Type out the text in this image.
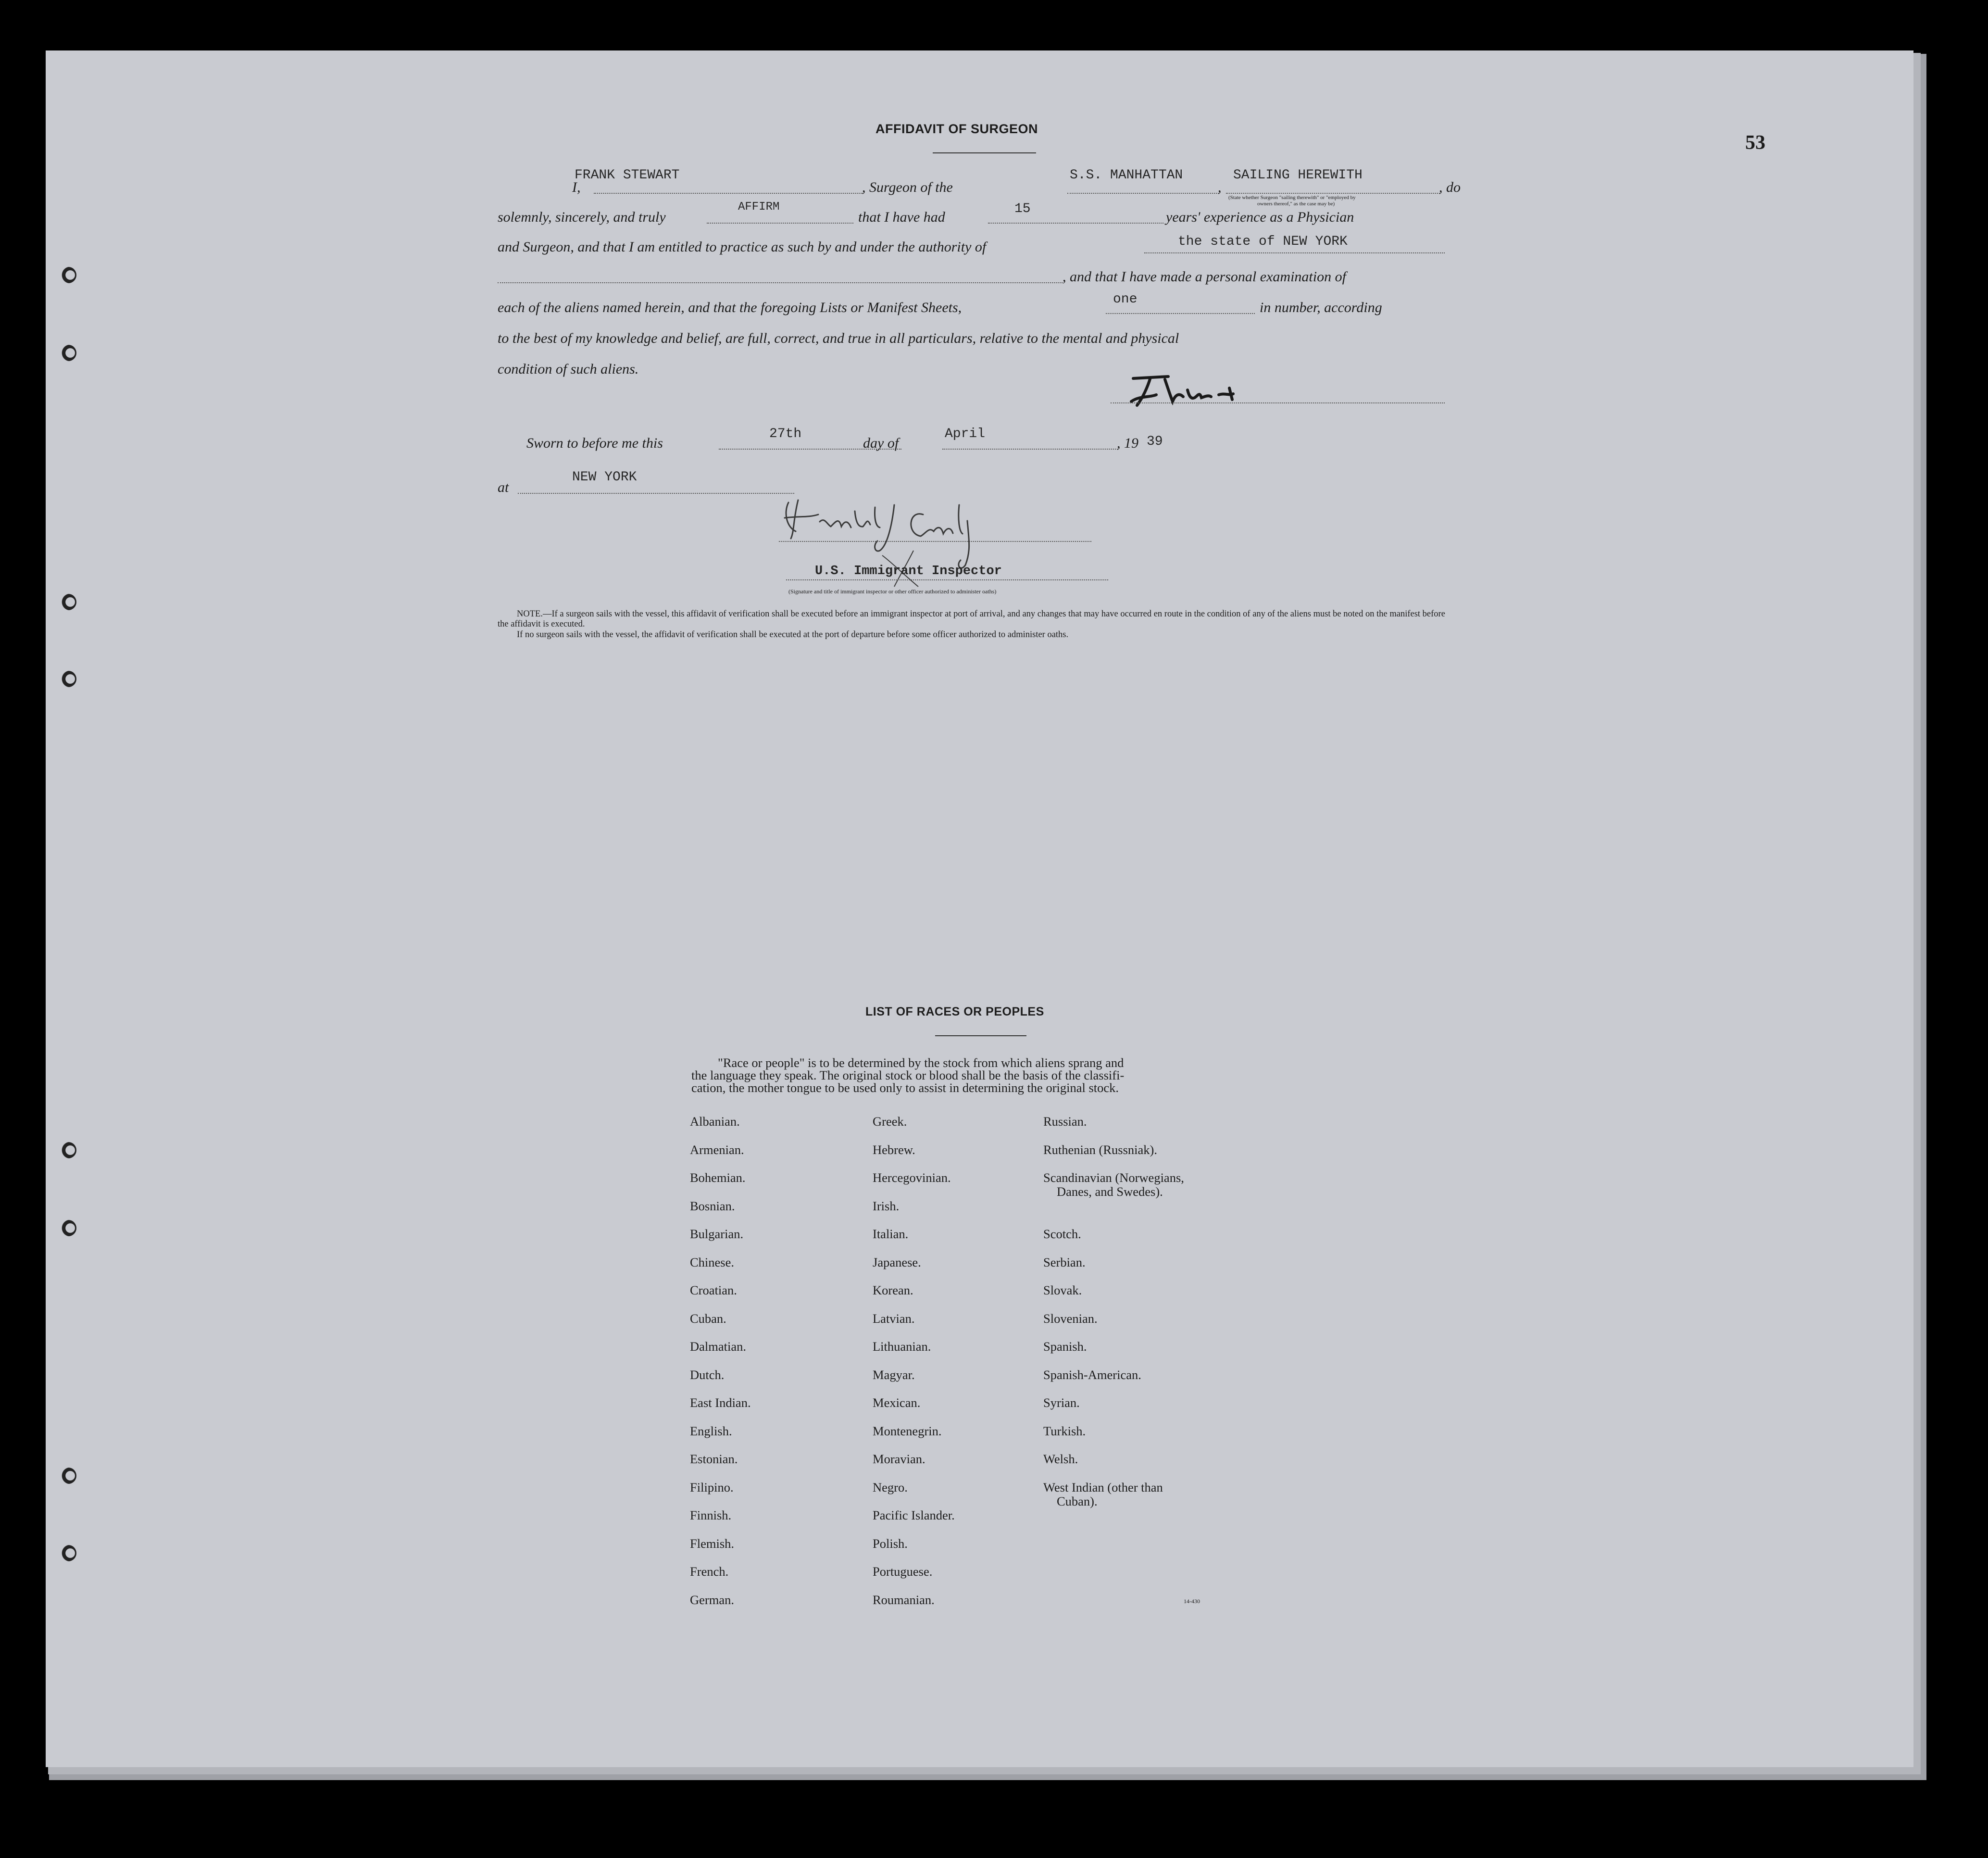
53
AFFIDAVIT OF SURGEON
I,
FRANK STEWART
, Surgeon of the
S.S. MANHATTAN
,
SAILING HEREWITH
, do
(State whether Surgeon "sailing therewith" or "employed by
owners thereof," as the case may be)
solemnly, sincerely, and truly
AFFIRM
that I have had
15
years' experience as a Physician
and Surgeon, and that I am entitled to practice as such by and under the authority of	the state of NEW YORK
, and that I have made a personal examination of
each of the aliens named herein, and that the foregoing Lists or Manifest Sheets,
one
in number, according
to the best of my knowledge and belief, are full, correct, and true in all particulars, relative to the mental and physical
condition of such aliens.
Sworn to before me this
27th
day of
April
, 19 39
at
NEW YORK
U.S. Immigrant Inspector
(Signature and title of immigrant inspector or other officer authorized to administer oaths)
NOTE.—If a surgeon sails with the vessel, this affidavit of verification shall be executed before an immigrant inspector at port of arrival, and any changes that may have occurred en route in the condition of any of the aliens must be noted on the manifest before the affidavit is executed.
If no surgeon sails with the vessel, the affidavit of verification shall be executed at the port of departure before some officer authorized to administer oaths.
LIST OF RACES OR PEOPLES
"Race or people" is to be determined by the stock from which aliens sprang and
the language they speak. The original stock or blood shall be the basis of the classifi-
cation, the mother tongue to be used only to assist in determining the original stock.
Albanian.
Armenian.
Bohemian.
Bosnian.
Bulgarian.
Chinese.
Croatian.
Cuban.
Dalmatian.
Dutch.
East Indian.
English.
Estonian.
Filipino.
Finnish.
Flemish.
French.
German.
Greek.
Hebrew.
Hercegovinian.
Irish.
Italian.
Japanese.
Korean.
Latvian.
Lithuanian.
Magyar.
Mexican.
Montenegrin.
Moravian.
Negro.
Pacific Islander.
Polish.
Portuguese.
Roumanian.
Russian.
Ruthenian (Russniak).
Scandinavian (Norwegians,
Danes, and Swedes).
Scotch.
Serbian.
Slovak.
Slovenian.
Spanish.
Spanish-American.
Syrian.
Turkish.
Welsh.
West Indian (other than
Cuban).
14-430
